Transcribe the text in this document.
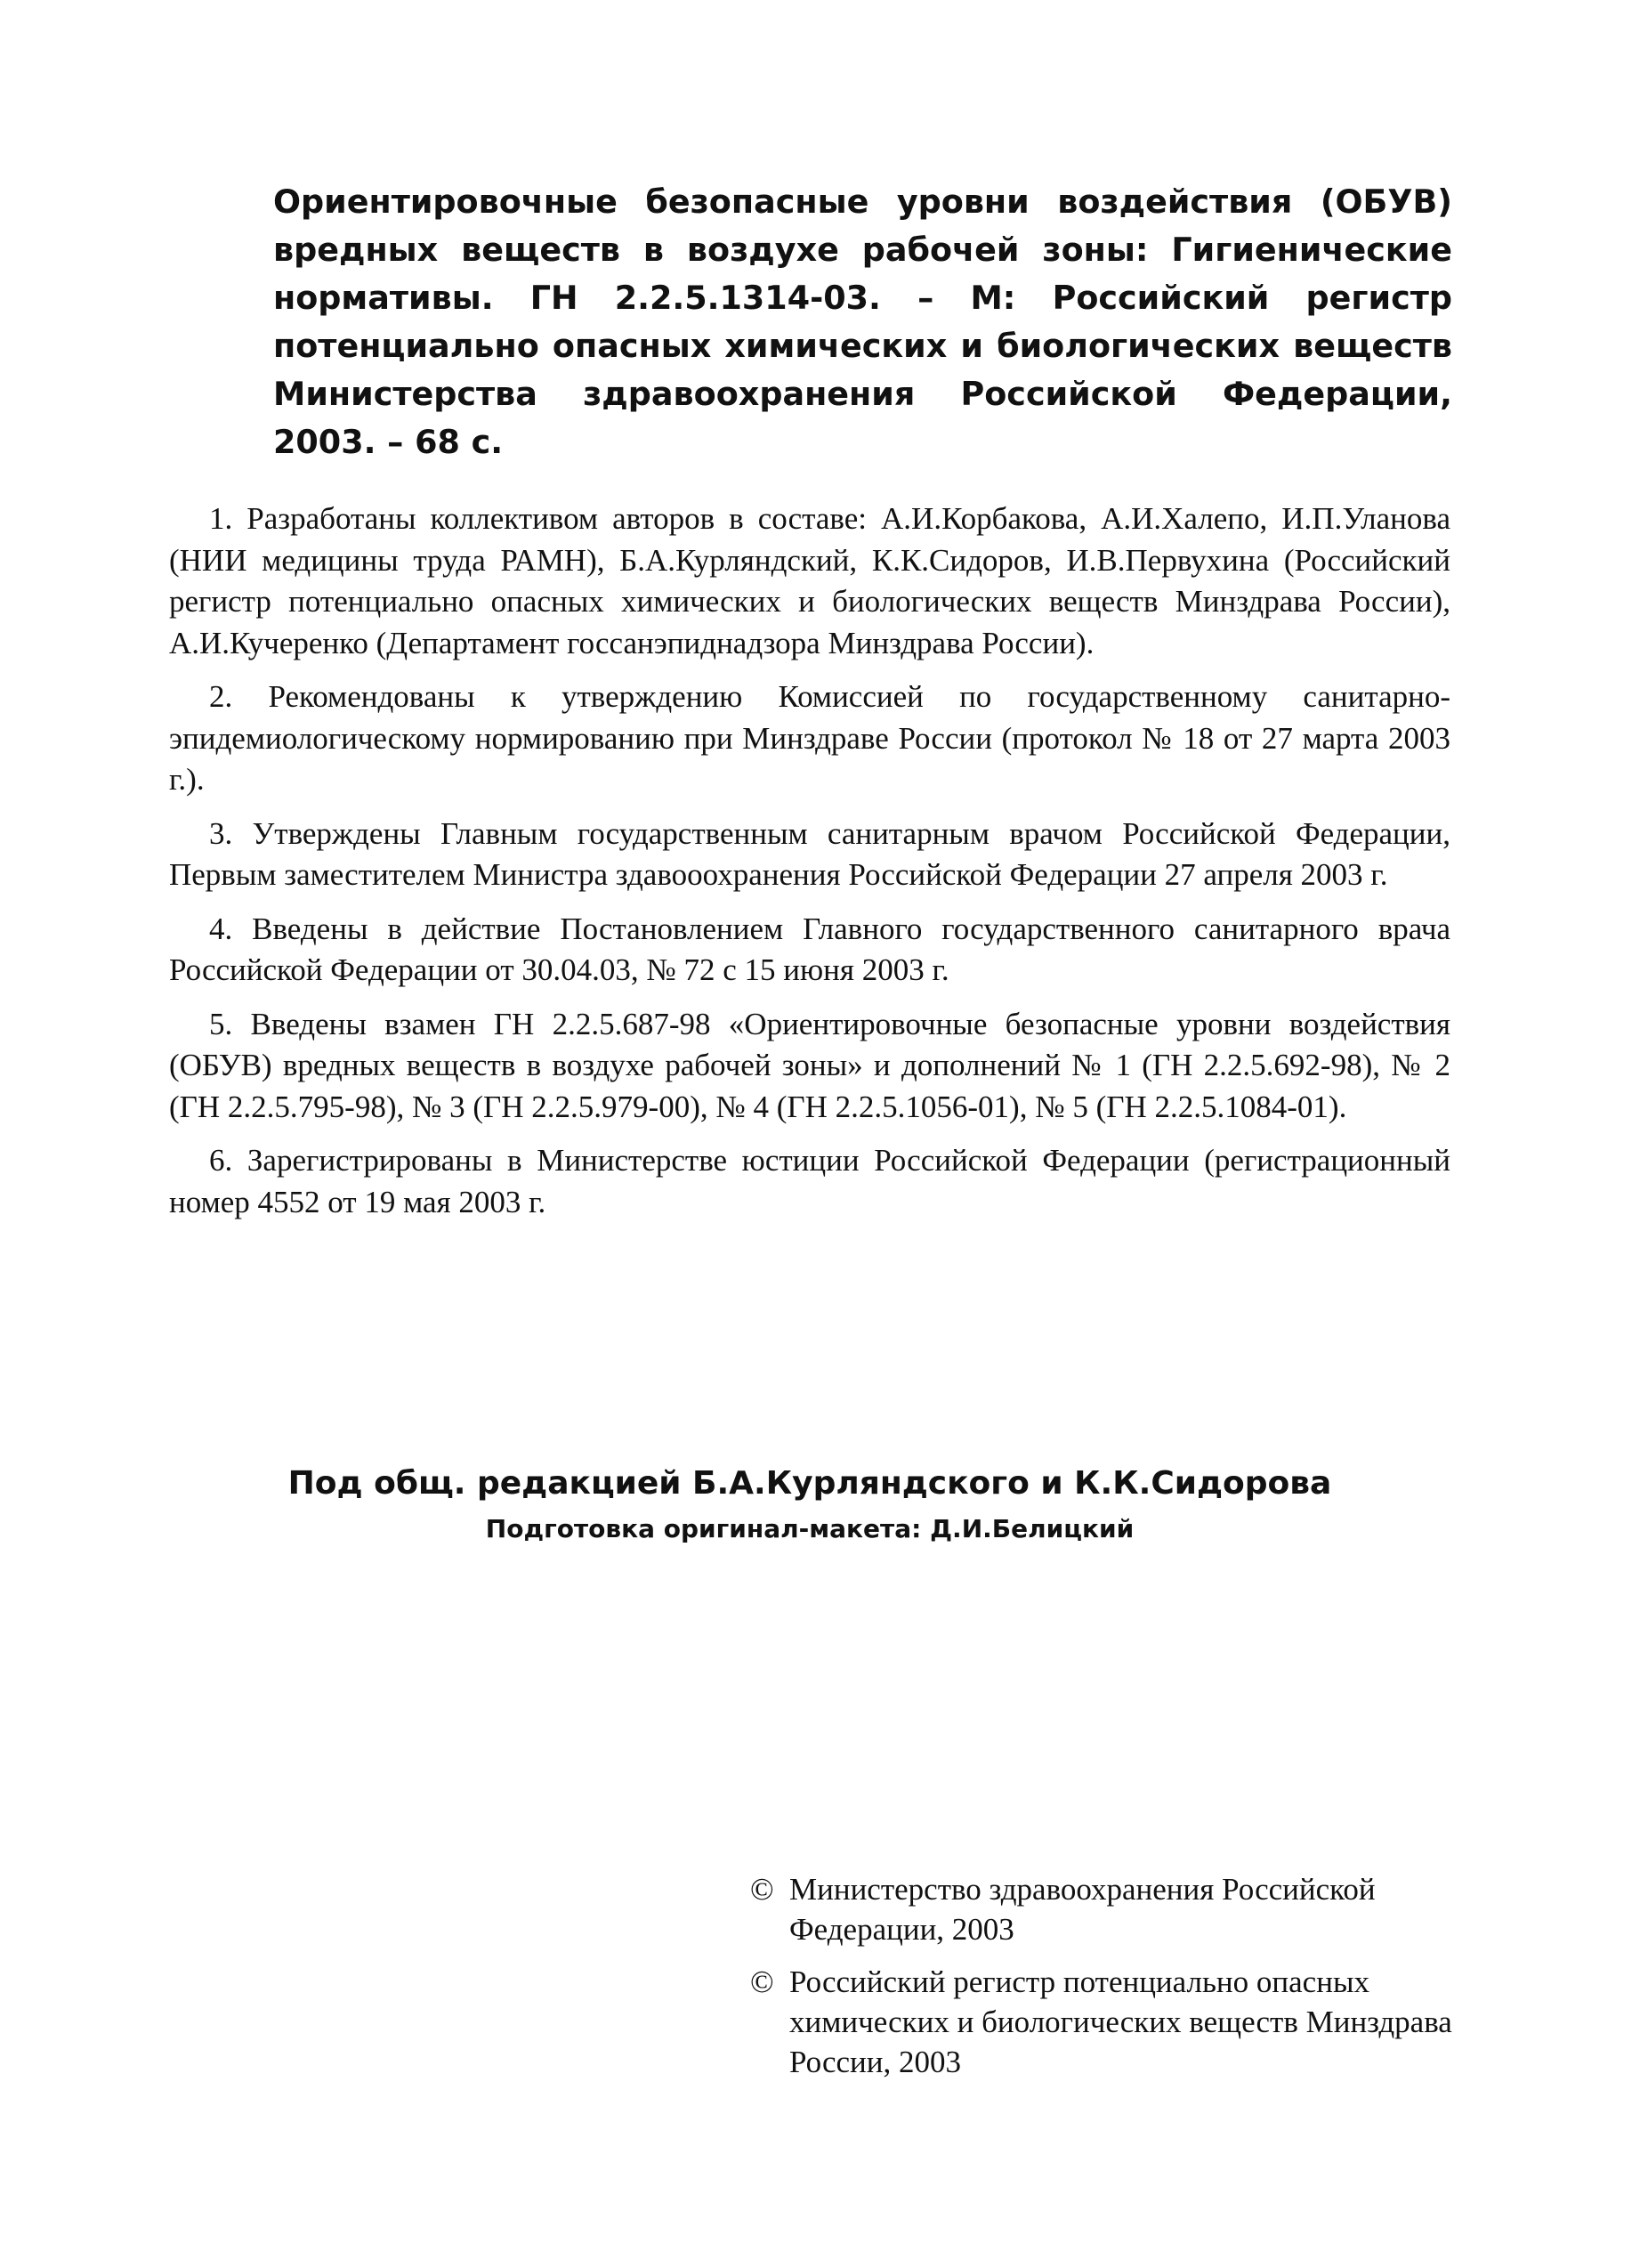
Ориентировочные безопасные уровни воздействия (ОБУВ) вредных веществ в воздухе рабочей зоны: Гигиенические нормативы. ГН 2.2.5.1314-03. – М: Российский регистр потенциально опасных химических и биологических веществ Министерства здравоохранения Российской Федерации, 2003. – 68 с.

1. Разработаны коллективом авторов в составе: А.И.Корбакова, А.И.Халепо, И.П.Уланова (НИИ медицины труда РАМН), Б.А.Курляндский, К.К.Сидоров, И.В.Первухина (Российский регистр потенциально опасных химических и биологических веществ Минздрава России), А.И.Кучеренко (Департамент госсанэпиднадзора Минздрава России).

2. Рекомендованы к утверждению Комиссией по государственному санитарно-эпидемиологическому нормированию при Минздраве России (протокол № 18 от 27 марта 2003 г.).

3. Утверждены Главным государственным санитарным врачом Российской Федерации, Первым заместителем Министра здавооохранения Российской Федерации 27 апреля 2003 г.

4. Введены в действие Постановлением Главного государственного санитарного врача Российской Федерации от 30.04.03, № 72 с 15 июня 2003 г.

5. Введены взамен ГН 2.2.5.687-98 «Ориентировочные безопасные уровни воздействия (ОБУВ) вредных веществ в воздухе рабочей зоны» и дополнений № 1 (ГН 2.2.5.692-98), № 2 (ГН 2.2.5.795-98), № 3 (ГН 2.2.5.979-00), № 4 (ГН 2.2.5.1056-01), № 5 (ГН 2.2.5.1084-01).

6. Зарегистрированы в Министерстве юстиции Российской Федерации (регистрационный номер 4552 от 19 мая 2003 г.

Под общ. редакцией Б.А.Курляндского и К.К.Сидорова
Подготовка оригинал-макета: Д.И.Белицкий

© Министерство здравоохранения Российской Федерации, 2003

© Российский регистр потенциально опасных химических и биологических веществ Минздрава России, 2003
